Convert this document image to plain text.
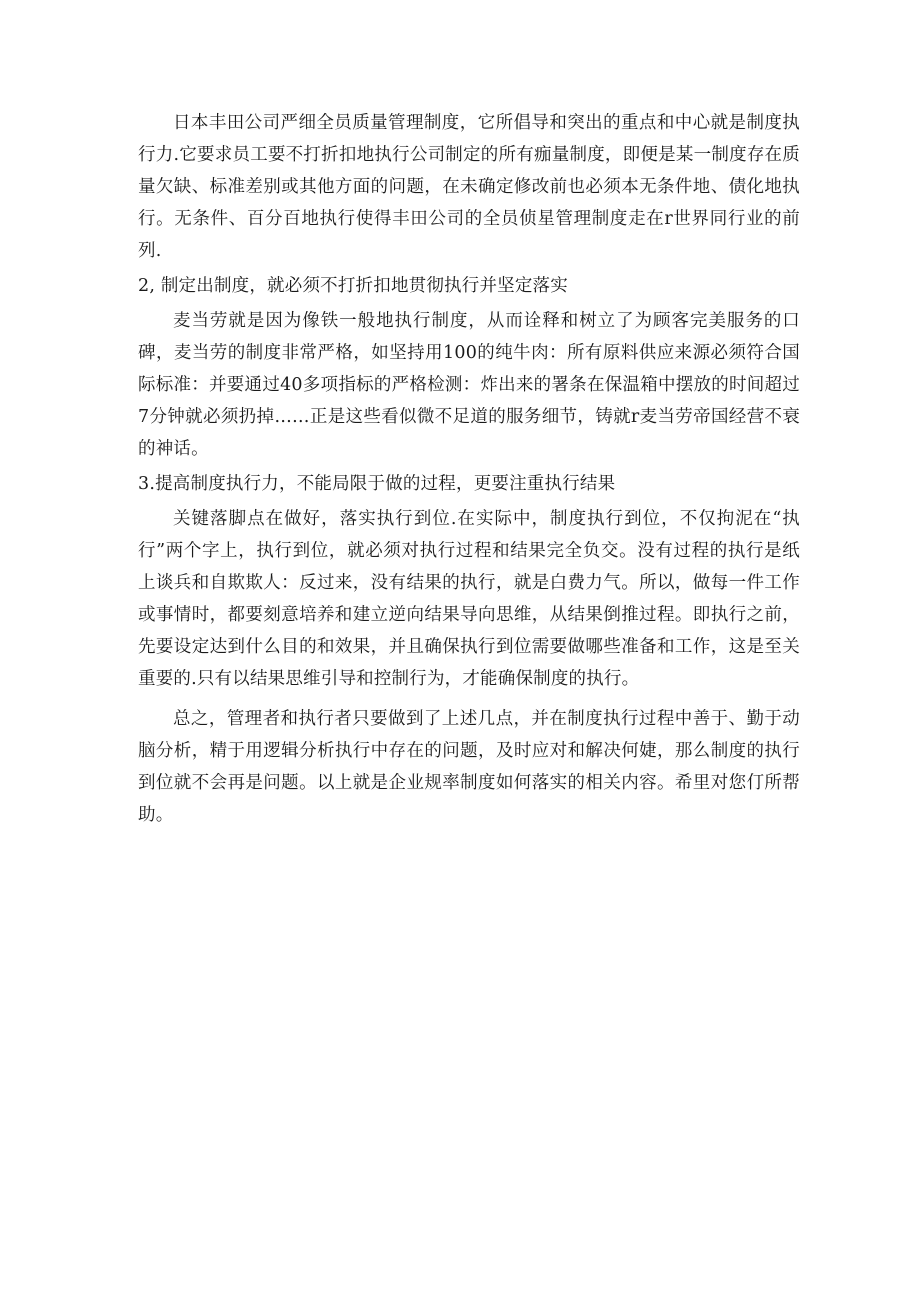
日本丰田公司严细全员质量管理制度，它所倡导和突出的重点和中心就是制度执行力.它要求员工要不打折扣地执行公司制定的所有痂量制度，即便是某一制度存在质量欠缺、标准差别或其他方面的问题，在未确定修改前也必须本无条件地、债化地执行。无条件、百分百地执行使得丰田公司的全员侦星管理制度走在r世界同行业的前列.

2, 制定出制度，就必须不打折扣地贯彻执行并坚定落实

麦当劳就是因为像铁一般地执行制度，从而诠释和树立了为顾客完美服务的口碑，麦当劳的制度非常严格，如坚持用100的纯牛肉：所有原料供应来源必须符合国际标准：并要通过40多项指标的严格检测：炸出来的署条在保温箱中摆放的时间超过7分钟就必须扔掉……正是这些看似微不足道的服务细节，铸就r麦当劳帝国经营不衰的神话。

3.提高制度执行力，不能局限于做的过程，更要注重执行结果

关键落脚点在做好，落实执行到位.在实际中，制度执行到位，不仅拘泥在“执行”两个字上，执行到位，就必须对执行过程和结果完全负交。没有过程的执行是纸上谈兵和自欺欺人：反过来，没有结果的执行，就是白费力气。所以，做每一件工作或事情时，都要刻意培养和建立逆向结果导向思维，从结果倒推过程。即执行之前，先要设定达到什么目的和效果，并且确保执行到位需要做哪些准备和工作，这是至关重要的.只有以结果思维引导和控制行为，才能确保制度的执行。

总之，管理者和执行者只要做到了上述几点，并在制度执行过程中善于、勤于动脑分析，精于用逻辑分析执行中存在的问题，及时应对和解决何婕，那么制度的执行到位就不会再是问题。以上就是企业规率制度如何落实的相关内容。希里对您仃所帮助。
